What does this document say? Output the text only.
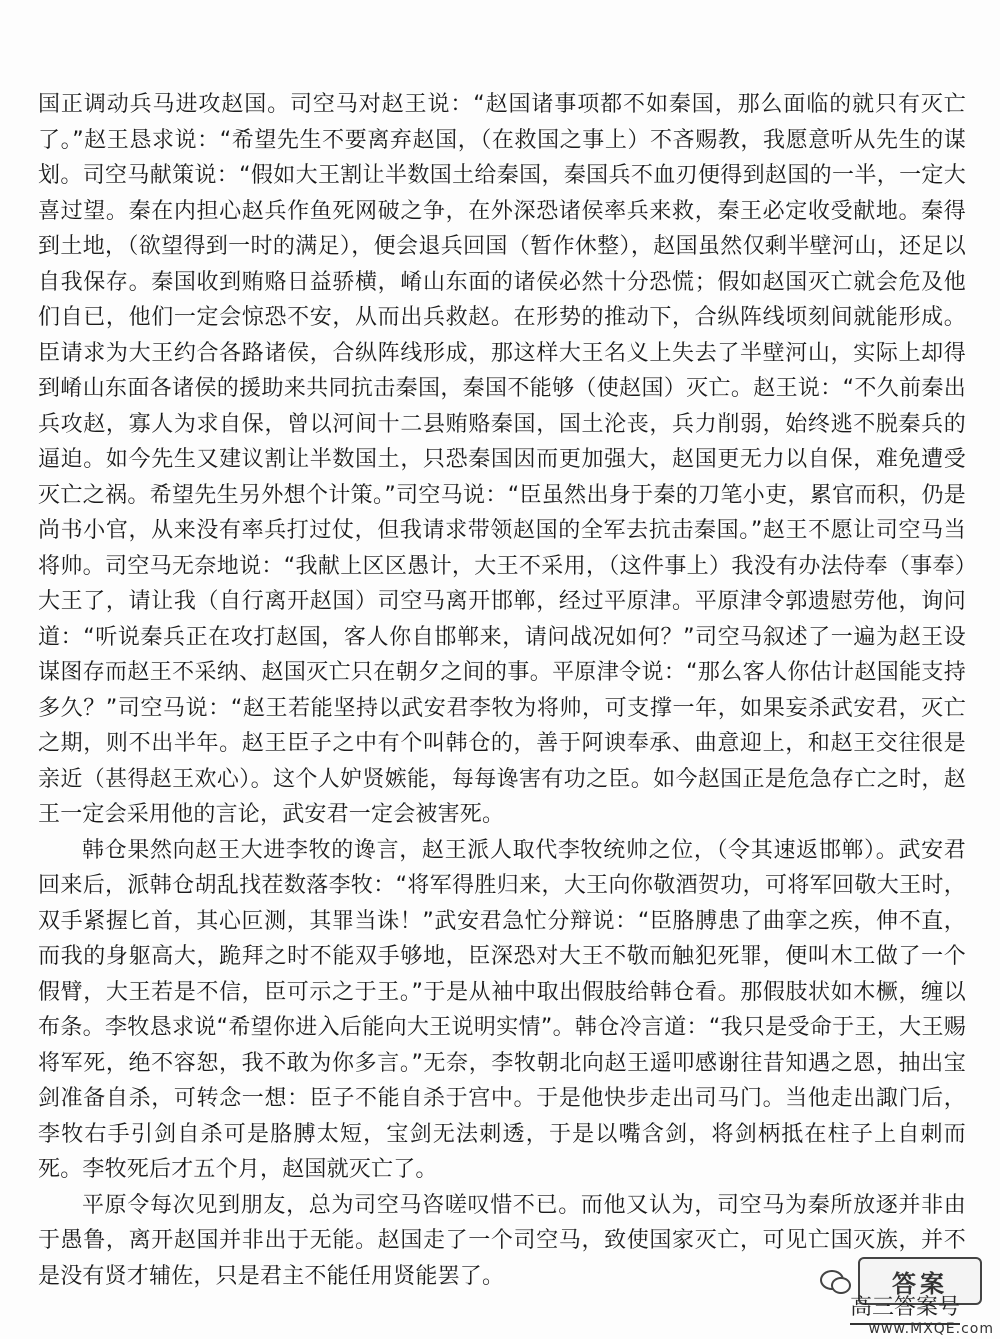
国正调动兵马进攻赵国。司空马对赵王说：“赵国诸事项都不如秦国，那么面临的就只有灭亡了。”赵王恳求说：“希望先生不要离弃赵国，（在救国之事上）不吝赐教，我愿意听从先生的谋划。司空马献策说：“假如大王割让半数国土给秦国，秦国兵不血刃便得到赵国的一半，一定大喜过望。秦在内担心赵兵作鱼死网破之争，在外深恐诸侯率兵来救，秦王必定收受献地。秦得到土地，（欲望得到一时的满足），便会退兵回国（暂作休整），赵国虽然仅剩半壁河山，还足以自我保存。秦国收到贿赂日益骄横，崤山东面的诸侯必然十分恐慌；假如赵国灭亡就会危及他们自已，他们一定会惊恐不安，从而出兵救赵。在形势的推动下，合纵阵线顷刻间就能形成。臣请求为大王约合各路诸侯，合纵阵线形成，那这样大王名义上失去了半壁河山，实际上却得到崤山东面各诸侯的援助来共同抗击秦国，秦国不能够（使赵国）灭亡。赵王说：“不久前秦出兵攻赵，寡人为求自保，曾以河间十二县贿赂秦国，国土沦丧，兵力削弱，始终逃不脱秦兵的逼迫。如今先生又建议割让半数国土，只恐秦国因而更加强大，赵国更无力以自保，难免遭受灭亡之祸。希望先生另外想个计策。”司空马说：“臣虽然出身于秦的刀笔小吏，累官而积，仍是尚书小官，从来没有率兵打过仗，但我请求带领赵国的全军去抗击秦国。”赵王不愿让司空马当将帅。司空马无奈地说：“我献上区区愚计，大王不采用，（这件事上）我没有办法侍奉（事奉）大王了，请让我（自行离开赵国）司空马离开邯郸，经过平原津。平原津令郭遗慰劳他，询问道：“听说秦兵正在攻打赵国，客人你自邯郸来，请问战况如何？”司空马叙述了一遍为赵王设谋图存而赵王不采纳、赵国灭亡只在朝夕之间的事。平原津令说：“那么客人你估计赵国能支持多久？”司空马说：“赵王若能坚持以武安君李牧为将帅，可支撑一年，如果妄杀武安君，灭亡之期，则不出半年。赵王臣子之中有个叫韩仓的，善于阿谀奉承、曲意迎上，和赵王交往很是亲近（甚得赵王欢心）。这个人妒贤嫉能，每每谗害有功之臣。如今赵国正是危急存亡之时，赵王一定会采用他的言论，武安君一定会被害死。

韩仓果然向赵王大进李牧的谗言，赵王派人取代李牧统帅之位，（令其速返邯郸）。武安君回来后，派韩仓胡乱找茬数落李牧：“将军得胜归来，大王向你敬酒贺功，可将军回敬大王时，双手紧握匕首，其心叵测，其罪当诛！”武安君急忙分辩说：“臣胳膊患了曲挛之疾，伸不直，而我的身躯高大，跪拜之时不能双手够地，臣深恐对大王不敬而触犯死罪，便叫木工做了一个假臂，大王若是不信，臣可示之于王。”于是从袖中取出假肢给韩仓看。那假肢状如木橛，缠以布条。李牧恳求说“希望你进入后能向大王说明实情”。韩仓冷言道：“我只是受命于王，大王赐将军死，绝不容恕，我不敢为你多言。”无奈，李牧朝北向赵王遥叩感谢往昔知遇之恩，抽出宝剑准备自杀，可转念一想：臣子不能自杀于宫中。于是他快步走出司马门。当他走出諏门后，李牧右手引剑自杀可是胳膊太短，宝剑无法刺透，于是以嘴含剑，将剑柄抵在柱子上自刺而死。李牧死后才五个月，赵国就灭亡了。

平原令每次见到朋友，总为司空马咨嗟叹惜不已。而他又认为，司空马为秦所放逐并非由于愚鲁，离开赵国并非出于无能。赵国走了一个司空马，致使国家灭亡，可见亡国灭族，并不是没有贤才辅佐，只是君主不能任用贤能罢了。	答案
高三答案号
www.MXQE.com
